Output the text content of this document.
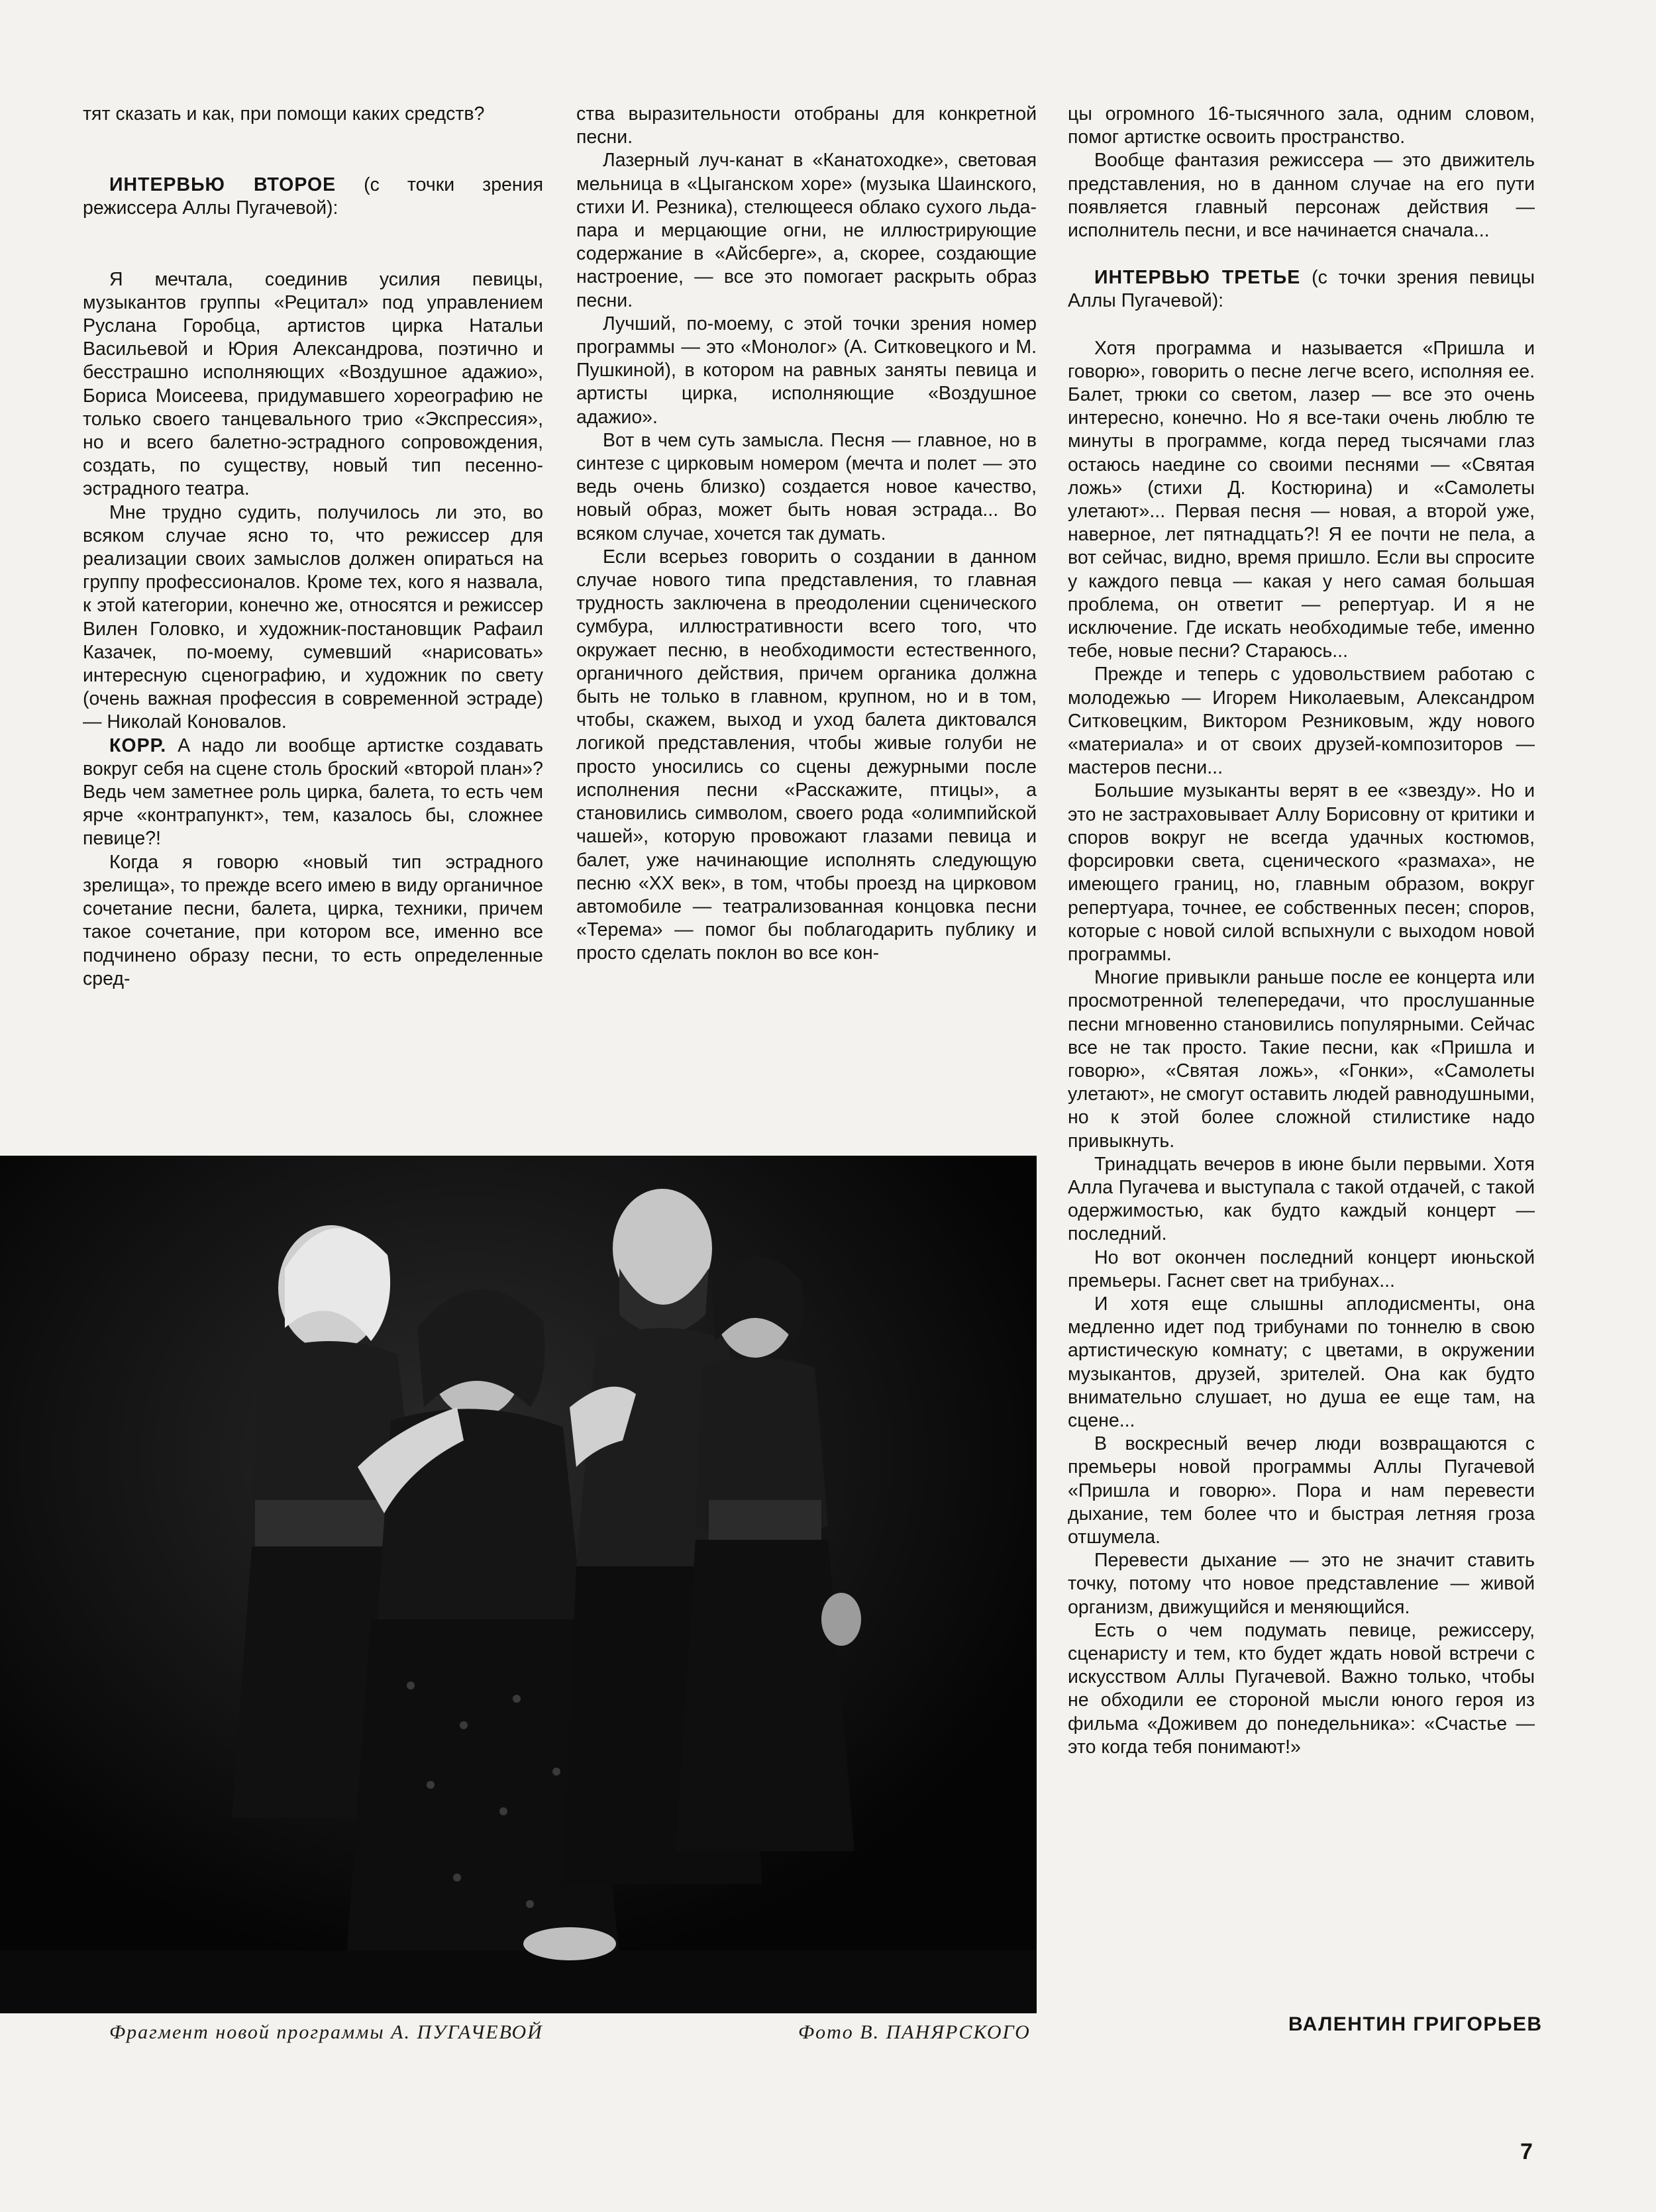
тят сказать и как, при помощи каких средств?

ИНТЕРВЬЮ ВТОРОЕ (с точки зрения режиссера Аллы Пугачевой):

Я мечтала, соединив усилия певицы, музыкантов группы «Рецитал» под управлением Руслана Горобца, артистов цирка Натальи Васильевой и Юрия Александрова, поэтично и бесстрашно исполняющих «Воздушное адажио», Бориса Моисеева, придумавшего хореографию не только своего танцевального трио «Экспрессия», но и всего балетно-эстрадного сопровождения, создать, по существу, новый тип песенно-эстрадного театра.

Мне трудно судить, получилось ли это, во всяком случае ясно то, что режиссер для реализации своих замыслов должен опираться на группу профессионалов. Кроме тех, кого я назвала, к этой категории, конечно же, относятся и режиссер Вилен Головко, и художник-постановщик Рафаил Казачек, по-моему, сумевший «нарисовать» интересную сценографию, и художник по свету (очень важная профессия в современной эстраде) — Николай Коновалов.

КОРР. А надо ли вообще артистке создавать вокруг себя на сцене столь броский «второй план»? Ведь чем заметнее роль цирка, балета, то есть чем ярче «контрапункт», тем, казалось бы, сложнее певице?!

Когда я говорю «новый тип эстрадного зрелища», то прежде всего имею в виду органичное сочетание песни, балета, цирка, техники, причем такое сочетание, при котором все, именно все подчинено образу песни, то есть определенные сред-

ства выразительности отобраны для конкретной песни.

Лазерный луч-канат в «Канатоходке», световая мельница в «Цыганском хоре» (музыка Шаинского, стихи И. Резника), стелющееся облако сухого льда-пара и мерцающие огни, не иллюстрирующие содержание в «Айсберге», а, скорее, создающие настроение, — все это помогает раскрыть образ песни.

Лучший, по-моему, с этой точки зрения номер программы — это «Монолог» (А. Ситковецкого и М. Пушкиной), в котором на равных заняты певица и артисты цирка, исполняющие «Воздушное адажио».

Вот в чем суть замысла. Песня — главное, но в синтезе с цирковым номером (мечта и полет — это ведь очень близко) создается новое качество, новый образ, может быть новая эстрада... Во всяком случае, хочется так думать.

Если всерьез говорить о создании в данном случае нового типа представления, то главная трудность заключена в преодолении сценического сумбура, иллюстративности всего того, что окружает песню, в необходимости естественного, органичного действия, причем органика должна быть не только в главном, крупном, но и в том, чтобы, скажем, выход и уход балета диктовался логикой представления, чтобы живые голуби не просто уносились со сцены дежурными после исполнения песни «Расскажите, птицы», а становились символом, своего рода «олимпийской чашей», которую провожают глазами певица и балет, уже начинающие исполнять следующую песню «XX век», в том, чтобы проезд на цирковом автомобиле — театрализованная концовка песни «Терема» — помог бы поблагодарить публику и просто сделать поклон во все кон-

цы огромного 16-тысячного зала, одним словом, помог артистке освоить пространство.

Вообще фантазия режиссера — это движитель представления, но в данном случае на его пути появляется главный персонаж действия — исполнитель песни, и все начинается сначала...

ИНТЕРВЬЮ ТРЕТЬЕ (с точки зрения певицы Аллы Пугачевой):

Хотя программа и называется «Пришла и говорю», говорить о песне легче всего, исполняя ее. Балет, трюки со светом, лазер — все это очень интересно, конечно. Но я все-таки очень люблю те минуты в программе, когда перед тысячами глаз остаюсь наедине со своими песнями — «Святая ложь» (стихи Д. Костюрина) и «Самолеты улетают»... Первая песня — новая, а второй уже, наверное, лет пятнадцать?! Я ее почти не пела, а вот сейчас, видно, время пришло. Если вы спросите у каждого певца — какая у него самая большая проблема, он ответит — репертуар. И я не исключение. Где искать необходимые тебе, именно тебе, новые песни? Стараюсь...

Прежде и теперь с удовольствием работаю с молодежью — Игорем Николаевым, Александром Ситковецким, Виктором Резниковым, жду нового «материала» и от своих друзей-композиторов — мастеров песни...

Большие музыканты верят в ее «звезду». Но и это не застраховывает Аллу Борисовну от критики и споров вокруг не всегда удачных костюмов, форсировки света, сценического «размаха», не имеющего границ, но, главным образом, вокруг репертуара, точнее, ее собственных песен; споров, которые с новой силой вспыхнули с выходом новой программы.

Многие привыкли раньше после ее концерта или просмотренной телепередачи, что прослушанные песни мгновенно становились популярными. Сейчас все не так просто. Такие песни, как «Пришла и говорю», «Святая ложь», «Гонки», «Самолеты улетают», не смогут оставить людей равнодушными, но к этой более сложной стилистике надо привыкнуть.

Тринадцать вечеров в июне были первыми. Хотя Алла Пугачева и выступала с такой отдачей, с такой одержимостью, как будто каждый концерт — последний.

Но вот окончен последний концерт июньской премьеры. Гаснет свет на трибунах...

И хотя еще слышны аплодисменты, она медленно идет под трибунами по тоннелю в свою артистическую комнату; с цветами, в окружении музыкантов, друзей, зрителей. Она как будто внимательно слушает, но душа ее еще там, на сцене...

В воскресный вечер люди возвращаются с премьеры новой программы Аллы Пугачевой «Пришла и говорю». Пора и нам перевести дыхание, тем более что и быстрая летняя гроза отшумела.

Перевести дыхание — это не значит ставить точку, потому что новое представление — живой организм, движущийся и меняющийся.

Есть о чем подумать певице, режиссеру, сценаристу и тем, кто будет ждать новой встречи с искусством Аллы Пугачевой. Важно только, чтобы не обходили ее стороной мысли юного героя из фильма «Доживем до понедельника»: «Счастье — это когда тебя понимают!»

Фрагмент новой программы А. ПУГАЧЕВОЙ	Фото В. ПАНЯРСКОГО	ВАЛЕНТИН ГРИГОРЬЕВ
7
